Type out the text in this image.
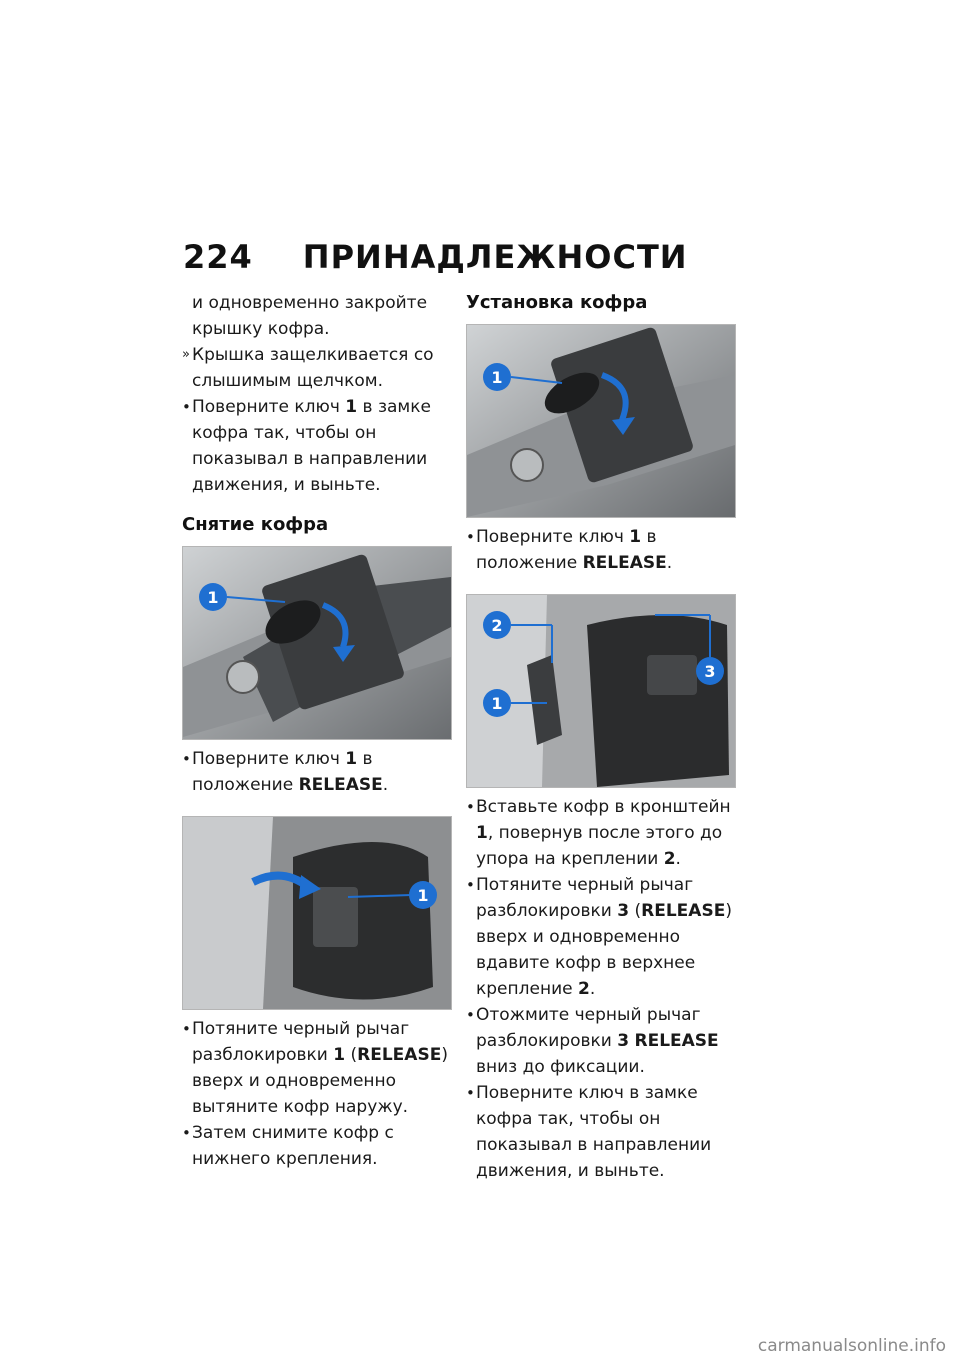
224 ПРИНАДЛЕЖНОСТИ

и одновременно закройте крышку кофра.

» Крышка защелкивается со слышимым щелчком.

• Поверните ключ 1 в замке кофра так, чтобы он показывал в направлении движения, и выньте.

Снятие кофра
1

• Поверните ключ 1 в положение RELEASE.

1

• Потяните черный рычаг разблокировки 1 (RELEASE) вверх и одновременно вытяните кофр наружу.

• Затем снимите кофр с нижнего крепления.

Установка кофра
1

• Поверните ключ 1 в положение RELEASE.

2
1
3

• Вставьте кофр в кронштейн 1, повернув после этого до упора на креплении 2.

• Потяните черный рычаг разблокировки 3 (RELEASE) вверх и одновременно вдавите кофр в верхнее крепление 2.

• Отожмите черный рычаг разблокировки 3 RELEASE вниз до фиксации.

• Поверните ключ в замке кофра так, чтобы он показывал в направлении движения, и выньте.

carmanualsonline.info
